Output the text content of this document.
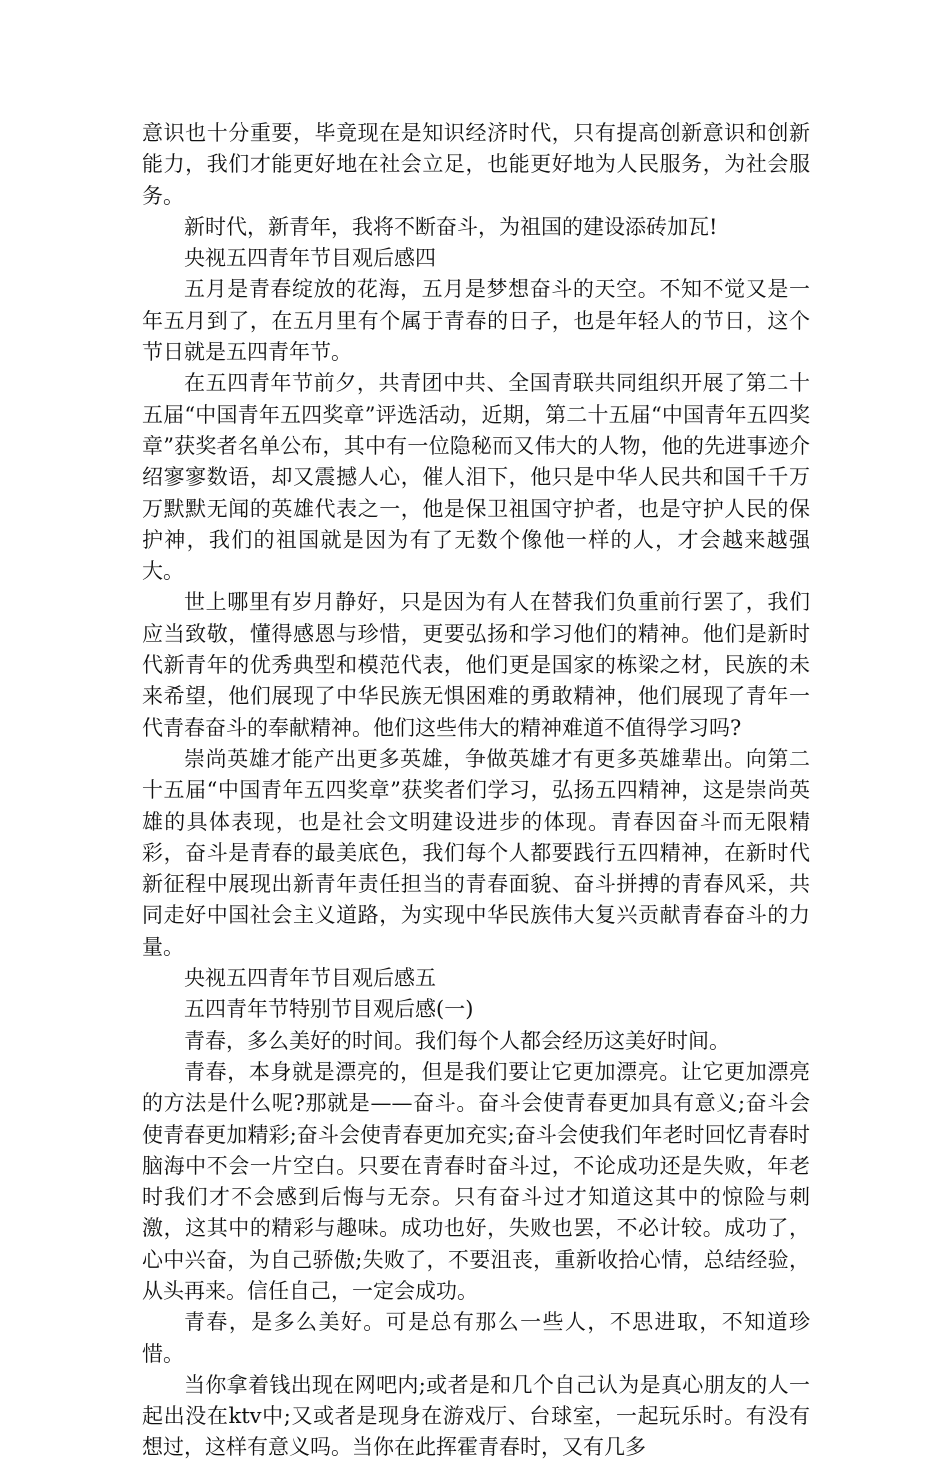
意识也十分重要，毕竟现在是知识经济时代，只有提高创新意识和创新能力，我们才能更好地在社会立足，也能更好地为人民服务，为社会服务。

新时代，新青年，我将不断奋斗，为祖国的建设添砖加瓦!

央视五四青年节目观后感四

五月是青春绽放的花海，五月是梦想奋斗的天空。不知不觉又是一年五月到了，在五月里有个属于青春的日子，也是年轻人的节日，这个节日就是五四青年节。

在五四青年节前夕，共青团中共、全国青联共同组织开展了第二十五届“中国青年五四奖章”评选活动，近期，第二十五届“中国青年五四奖章”获奖者名单公布，其中有一位隐秘而又伟大的人物，他的先进事迹介绍寥寥数语，却又震撼人心，催人泪下，他只是中华人民共和国千千万万默默无闻的英雄代表之一，他是保卫祖国守护者，也是守护人民的保护神，我们的祖国就是因为有了无数个像他一样的人，才会越来越强大。

世上哪里有岁月静好，只是因为有人在替我们负重前行罢了，我们应当致敬，懂得感恩与珍惜，更要弘扬和学习他们的精神。他们是新时代新青年的优秀典型和模范代表，他们更是国家的栋梁之材，民族的未来希望，他们展现了中华民族无惧困难的勇敢精神，他们展现了青年一代青春奋斗的奉献精神。他们这些伟大的精神难道不值得学习吗?

崇尚英雄才能产出更多英雄，争做英雄才有更多英雄辈出。向第二十五届“中国青年五四奖章”获奖者们学习，弘扬五四精神，这是崇尚英雄的具体表现，也是社会文明建设进步的体现。青春因奋斗而无限精彩，奋斗是青春的最美底色，我们每个人都要践行五四精神，在新时代新征程中展现出新青年责任担当的青春面貌、奋斗拼搏的青春风采，共同走好中国社会主义道路，为实现中华民族伟大复兴贡献青春奋斗的力量。

央视五四青年节目观后感五

五四青年节特别节目观后感(一)

青春，多么美好的时间。我们每个人都会经历这美好时间。

青春，本身就是漂亮的，但是我们要让它更加漂亮。让它更加漂亮的方法是什么呢?那就是——奋斗。奋斗会使青春更加具有意义;奋斗会使青春更加精彩;奋斗会使青春更加充实;奋斗会使我们年老时回忆青春时脑海中不会一片空白。只要在青春时奋斗过，不论成功还是失败，年老时我们才不会感到后悔与无奈。只有奋斗过才知道这其中的惊险与刺激，这其中的精彩与趣味。成功也好，失败也罢，不必计较。成功了，心中兴奋，为自己骄傲;失败了，不要沮丧，重新收拾心情，总结经验，从头再来。信任自己，一定会成功。

青春，是多么美好。可是总有那么一些人，不思进取，不知道珍惜。

当你拿着钱出现在网吧内;或者是和几个自己认为是真心朋友的人一起出没在ktv中;又或者是现身在游戏厅、台球室，一起玩乐时。有没有想过，这样有意义吗。当你在此挥霍青春时，又有几多
